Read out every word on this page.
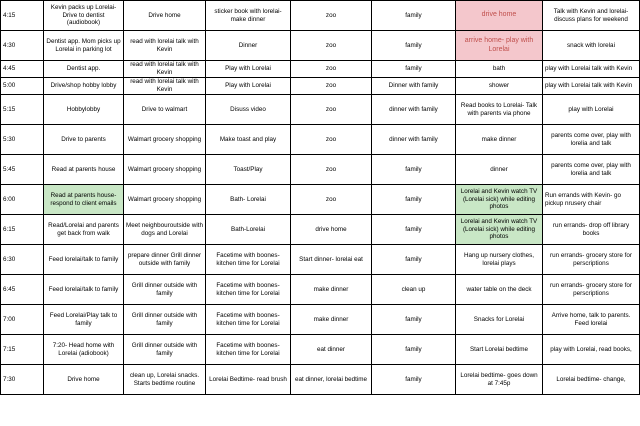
4:15	Kevin packs up Lorelai- Drive to dentist (audiobook)	Drive home	sticker book with lorelai- make dinner	zoo	family	drive home	Talk with Kevin and lorelai- discuss plans for weekend
4:30	Dentist app. Mom picks up Lorelai in parking lot	read with lorelai talk with Kevin	Dinner	zoo	family	arrive home- play with Lorelai	snack with lorelai
4:45	Dentist app.	read with lorelai talk with Kevin	Play with Lorelai	zoo	family	bath	play with Lorelai talk with Kevin
5:00	Drive/shop hobby lobby	read with lorelai talk with Kevin	Play with Lorelai	zoo	Dinner with family	shower	play with Lorelai talk with Kevin
5:15	Hobbylobby	Drive to walmart	Disuss video	zoo	dinner with family	Read books to Lorelai- Talk with parents via phone	play with Lorelai
5:30	Drive to parents	Walmart grocery shopping	Make toast and play	zoo	dinner with family	make dinner	parents come over, play with lorelia and talk
5:45	Read at parents house	Walmart grocery shopping	Toast/Play	zoo	family	dinner	parents come over, play with lorelia and talk
6:00	Read at parents house- respond to client emails	Walmart grocery shopping	Bath- Lorelai	zoo	family	Lorelai and Kevin watch TV (Lorelai sick) while editing photos	Run errands with Kevin- go pickup nrusery chair
6:15	Read/Lorelai and parents get back from walk	Meet neighbouroutside with dogs and Lorelai	Bath-Lorelai	drive home	family	Lorelai and Kevin watch TV (Lorelai sick) while editing photos	run errands- drop off library books
6:30	Feed lorelai/talk to family	prepare dinner Grill dinner outside with family	Facetime with boones- kitchen time for Lorelai	Start dinner- lorelai eat	family	Hang up nursery clothes, lorelai plays	run errands- grocery store for perscriptions
6:45	Feed lorelai/talk to family	Grill dinner outside with family	Facetime with boones- kitchen time for Lorelai	make dinner	clean up	water table on the deck	run errands- grocery store for perscriptions
7:00	Feed Lorelai/Play talk to family	Grill dinner outside with family	Facetime with boones- kitchen time for Lorelai	make dinner	family	Snacks for Lorelai	Arrive home, talk to parents. Feed lorelai
7:15	7:20- Head home with Lorelai (adiobook)	Grill dinner outside with family	Facetime with boones- kitchen time for Lorelai	eat dinner	family	Start Lorelai bedtime	play with Lorelai, read books,
7:30	Drive home	clean up, Lorelai snacks. Starts bedtime routine	Lorelai Bedtime- read brush	eat dinner, lorelai bedtime	family	Lorelai bedtime- goes down at 7:45p	Lorelai bedtime- change,
